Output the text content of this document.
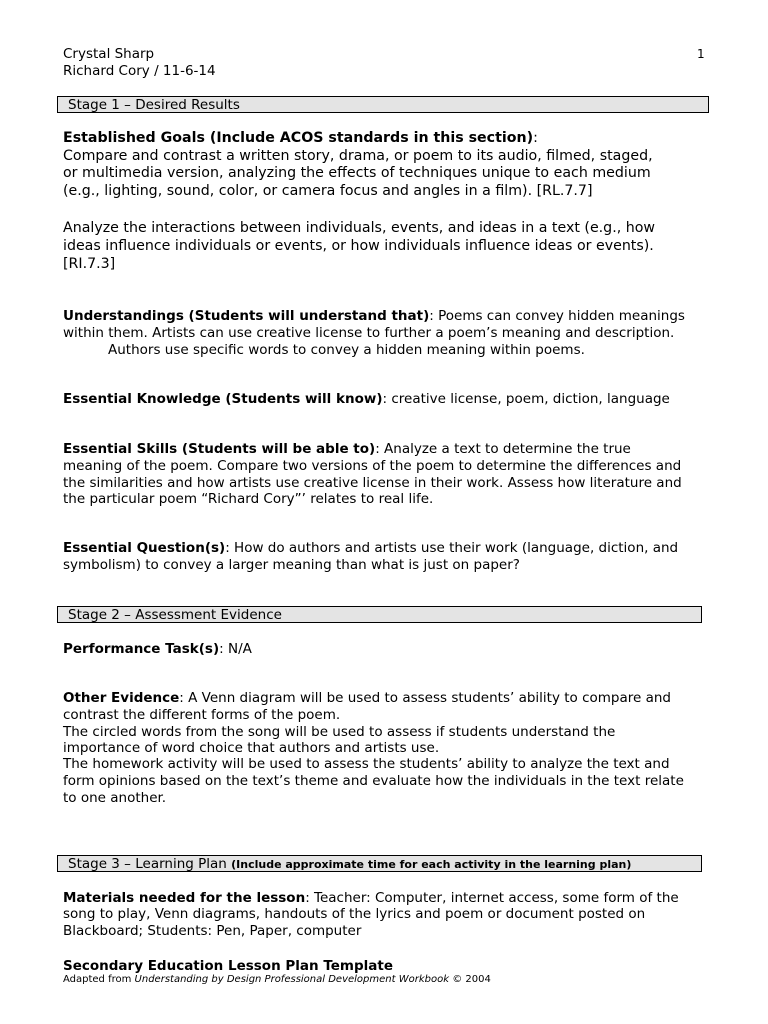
Crystal Sharp
Richard Cory / 11-6-14
1
Stage 1 – Desired Results
Established Goals (Include ACOS standards in this section):
Compare and contrast a written story, drama, or poem to its audio, filmed, staged,
or multimedia version, analyzing the effects of techniques unique to each medium
(e.g., lighting, sound, color, or camera focus and angles in a film). [RL.7.7]
Analyze the interactions between individuals, events, and ideas in a text (e.g., how
ideas influence individuals or events, or how individuals influence ideas or events).
[RI.7.3]
Understandings (Students will understand that): Poems can convey hidden meanings
within them. Artists can use creative license to further a poem’s meaning and description.
Authors use specific words to convey a hidden meaning within poems.
Essential Knowledge (Students will know): creative license, poem, diction, language
Essential Skills (Students will be able to): Analyze a text to determine the true
meaning of the poem. Compare two versions of the poem to determine the differences and
the similarities and how artists use creative license in their work. Assess how literature and
the particular poem “Richard Cory”’ relates to real life.
Essential Question(s): How do authors and artists use their work (language, diction, and
symbolism) to convey a larger meaning than what is just on paper?
Stage 2 – Assessment Evidence
Performance Task(s): N/A
Other Evidence: A Venn diagram will be used to assess students’ ability to compare and
contrast the different forms of the poem.
The circled words from the song will be used to assess if students understand the
importance of word choice that authors and artists use.
The homework activity will be used to assess the students’ ability to analyze the text and
form opinions based on the text’s theme and evaluate how the individuals in the text relate
to one another.
Stage 3 – Learning Plan (Include approximate time for each activity in the learning plan)
Materials needed for the lesson: Teacher: Computer, internet access, some form of the
song to play, Venn diagrams, handouts of the lyrics and poem or document posted on
Blackboard; Students: Pen, Paper, computer
Secondary Education Lesson Plan Template
Adapted from Understanding by Design Professional Development Workbook © 2004
